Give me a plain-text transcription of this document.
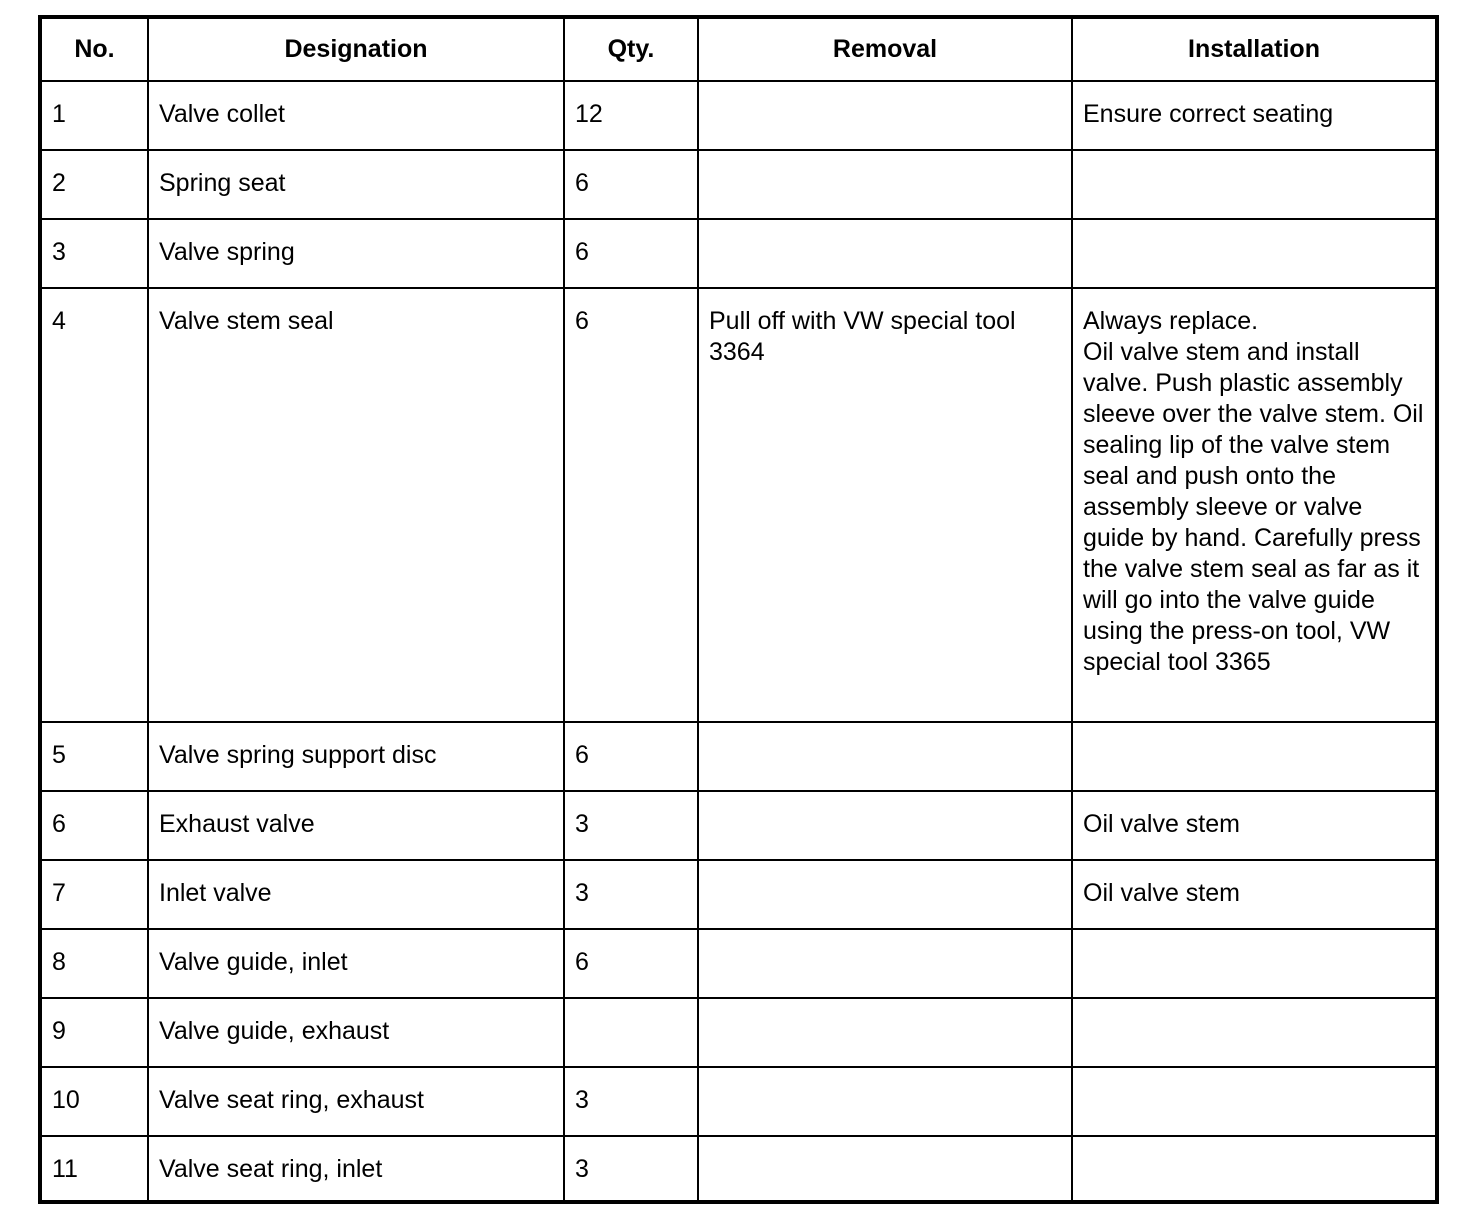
No.	Designation	Qty.	Removal	Installation
1	Valve collet	12		Ensure correct seating
2	Spring seat	6		
3	Valve spring	6		
4	Valve stem seal	6	Pull off with VW special tool 3364	Always replace.
Oil valve stem and install valve. Push plastic assembly sleeve over the valve stem. Oil sealing lip of the valve stem seal and push onto the assembly sleeve or valve guide by hand. Carefully press the valve stem seal as far as it will go into the valve guide using the press-on tool, VW special tool 3365
5	Valve spring support disc	6		
6	Exhaust valve	3		Oil valve stem
7	Inlet valve	3		Oil valve stem
8	Valve guide, inlet	6		
9	Valve guide, exhaust			
10	Valve seat ring, exhaust	3		
11	Valve seat ring, inlet	3		
